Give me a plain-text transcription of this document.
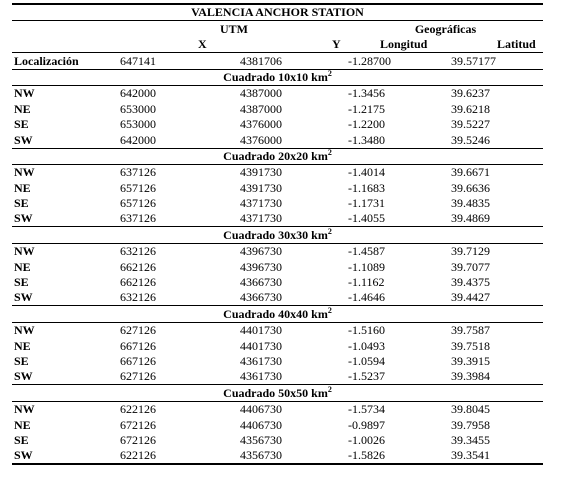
VALENCIA ANCHOR STATION				
	UTM		Geográficas	
	X	Y	Longitud	Latitud
Localización	647141	4381706	-1.28700	39.57177
Cuadrado 10x10 $km^2$
NW	642000	4387000	-1.3456	39.6237
NE	653000	4387000	-1.2175	39.6218
SE	653000	4376000	-1.2200	39.5227
SW	642000	4376000	-1.3480	39.5246
Cuadrado 20x20 $km^2$
NW	637126	4391730	-1.4014	39.6671
NE	657126	4391730	-1.1683	39.6636
SE	657126	4371730	-1.1731	39.4835
SW	637126	4371730	-1.4055	39.4869
Cuadrado 30x30 $km^2$
NW	632126	4396730	-1.4587	39.7129
NE	662126	4396730	-1.1089	39.7077
SE	662126	4366730	-1.1162	39.4375
SW	632126	4366730	-1.4646	39.4427
Cuadrado 40x40 $km^2$
NW	627126	4401730	-1.5160	39.7587
NE	667126	4401730	-1.0493	39.7518
SE	667126	4361730	-1.0594	39.3915
SW	627126	4361730	-1.5237	39.3984
Cuadrado 50x50 $km^2$
NW	622126	4406730	-1.5734	39.8045
NE	672126	4406730	-0.9897	39.7958
SE	672126	4356730	-1.0026	39.3455
SW	622126	4356730	-1.5826	39.3541
